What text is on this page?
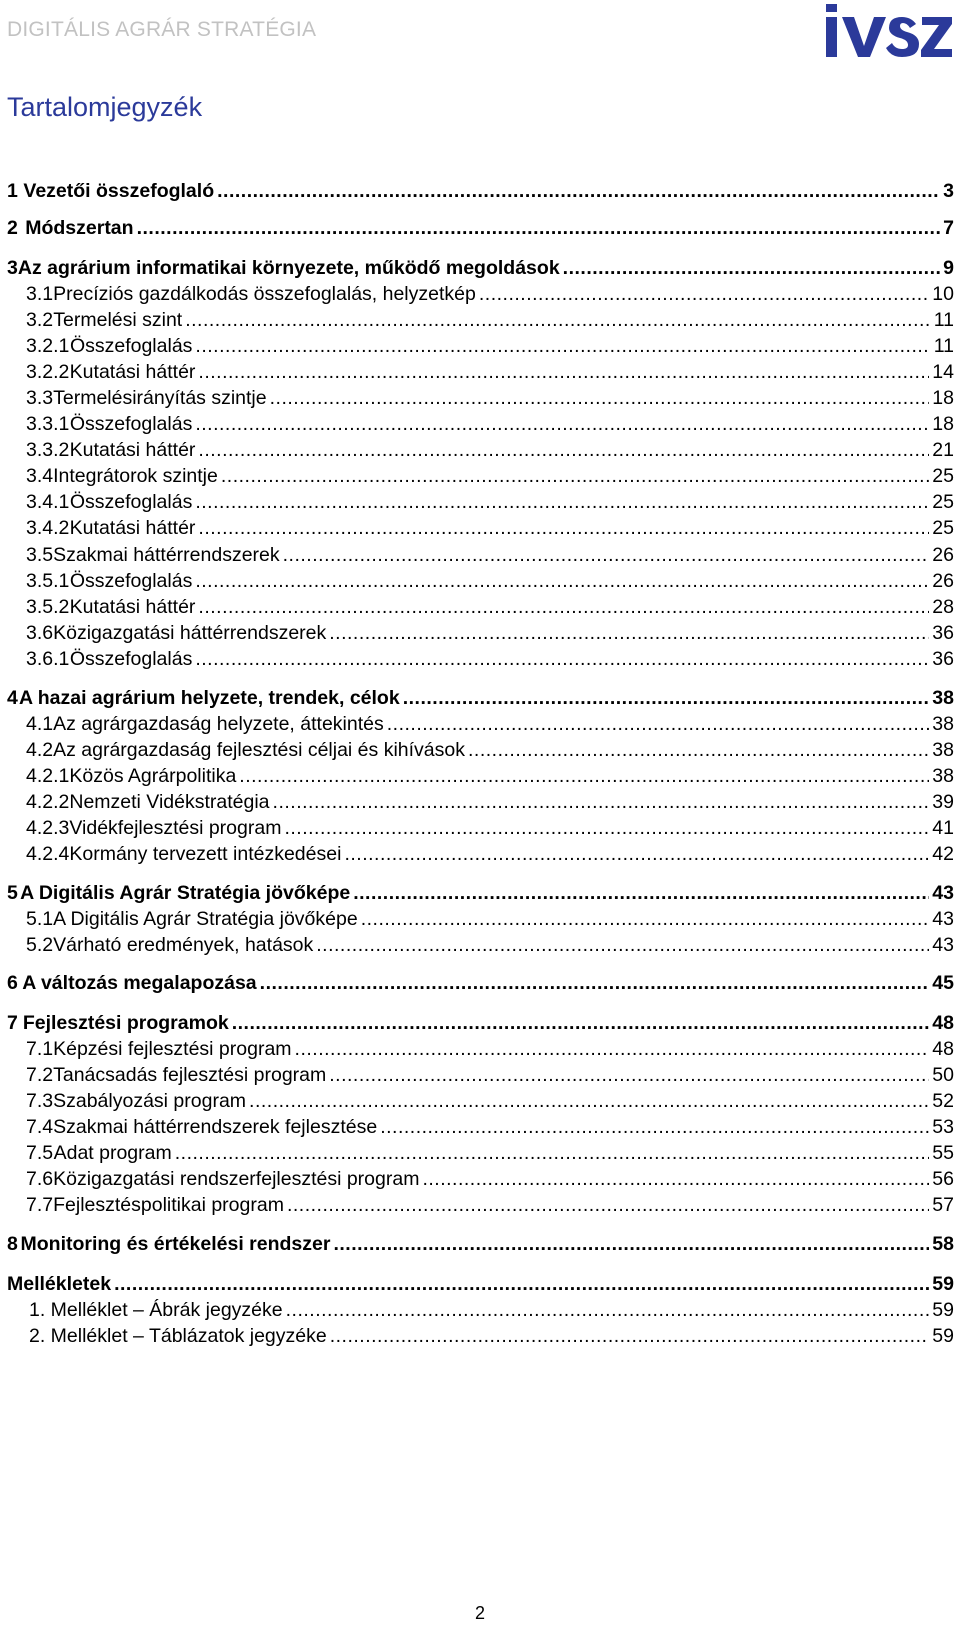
DIGITÁLIS AGRÁR STRATÉGIA
Tartalomjegyzék
1 Vezetői összefoglaló .....	3
2 Módszertan .....	7
3 Az agrárium informatikai környezete, működő megoldások .....	9
3.1 Precíziós gazdálkodás összefoglalás, helyzetkép .....	10
3.2 Termelési szint .....	11
3.2.1 Összefoglalás .....	11
3.2.2 Kutatási háttér .....	14
3.3 Termelésirányítás szintje .....	18
3.3.1 Összefoglalás .....	18
3.3.2 Kutatási háttér .....	21
3.4 Integrátorok szintje .....	25
3.4.1 Összefoglalás .....	25
3.4.2 Kutatási háttér .....	25
3.5 Szakmai háttérrendszerek .....	26
3.5.1 Összefoglalás .....	26
3.5.2 Kutatási háttér .....	28
3.6 Közigazgatási háttérrendszerek .....	36
3.6.1 Összefoglalás .....	36
4 A hazai agrárium helyzete, trendek, célok .....	38
4.1 Az agrárgazdaság helyzete, áttekintés .....	38
4.2 Az agrárgazdaság fejlesztési céljai és kihívások .....	38
4.2.1 Közös Agrárpolitika .....	38
4.2.2 Nemzeti Vidékstratégia .....	39
4.2.3 Vidékfejlesztési program .....	41
4.2.4 Kormány tervezett intézkedései .....	42
5 A Digitális Agrár Stratégia jövőképe .....	43
5.1 A Digitális Agrár Stratégia jövőképe .....	43
5.2 Várható eredmények, hatások .....	43
6 A változás megalapozása .....	45
7 Fejlesztési programok .....	48
7.1 Képzési fejlesztési program .....	48
7.2 Tanácsadás fejlesztési program .....	50
7.3 Szabályozási program .....	52
7.4 Szakmai háttérrendszerek fejlesztése .....	53
7.5 Adat program .....	55
7.6 Közigazgatási rendszerfejlesztési program .....	56
7.7 Fejlesztéspolitikai program .....	57
8 Monitoring és értékelési rendszer .....	58
Mellékletek .....	59
1. Melléklet – Ábrák jegyzéke .....	59
2. Melléklet – Táblázatok jegyzéke .....	59
2
